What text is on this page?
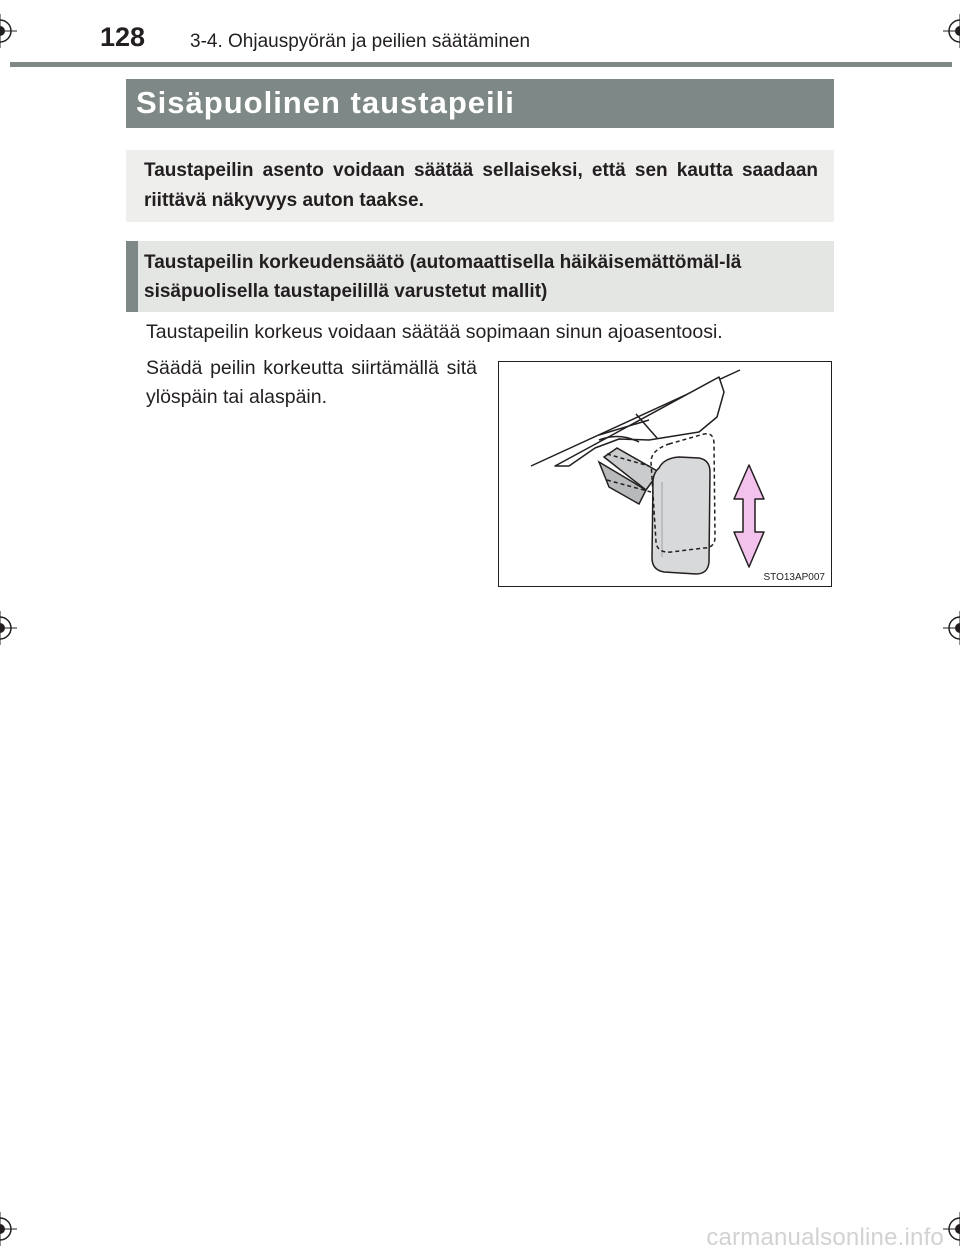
128 3-4. Ohjauspyörän ja peilien säätäminen
Sisäpuolinen taustapeili

Taustapeilin asento voidaan säätää sellaiseksi, että sen kautta saadaan riittävä näkyvyys auton taakse.

Taustapeilin korkeudensäätö (automaattisella häikäisemättömäl-lä sisäpuolisella taustapeilillä varustetut mallit)

Taustapeilin korkeus voidaan säätää sopimaan sinun ajoasentoosi.

Säädä peilin korkeutta siirtämällä sitä ylöspäin tai alaspäin.

STO13AP007
carmanualsonline.info
